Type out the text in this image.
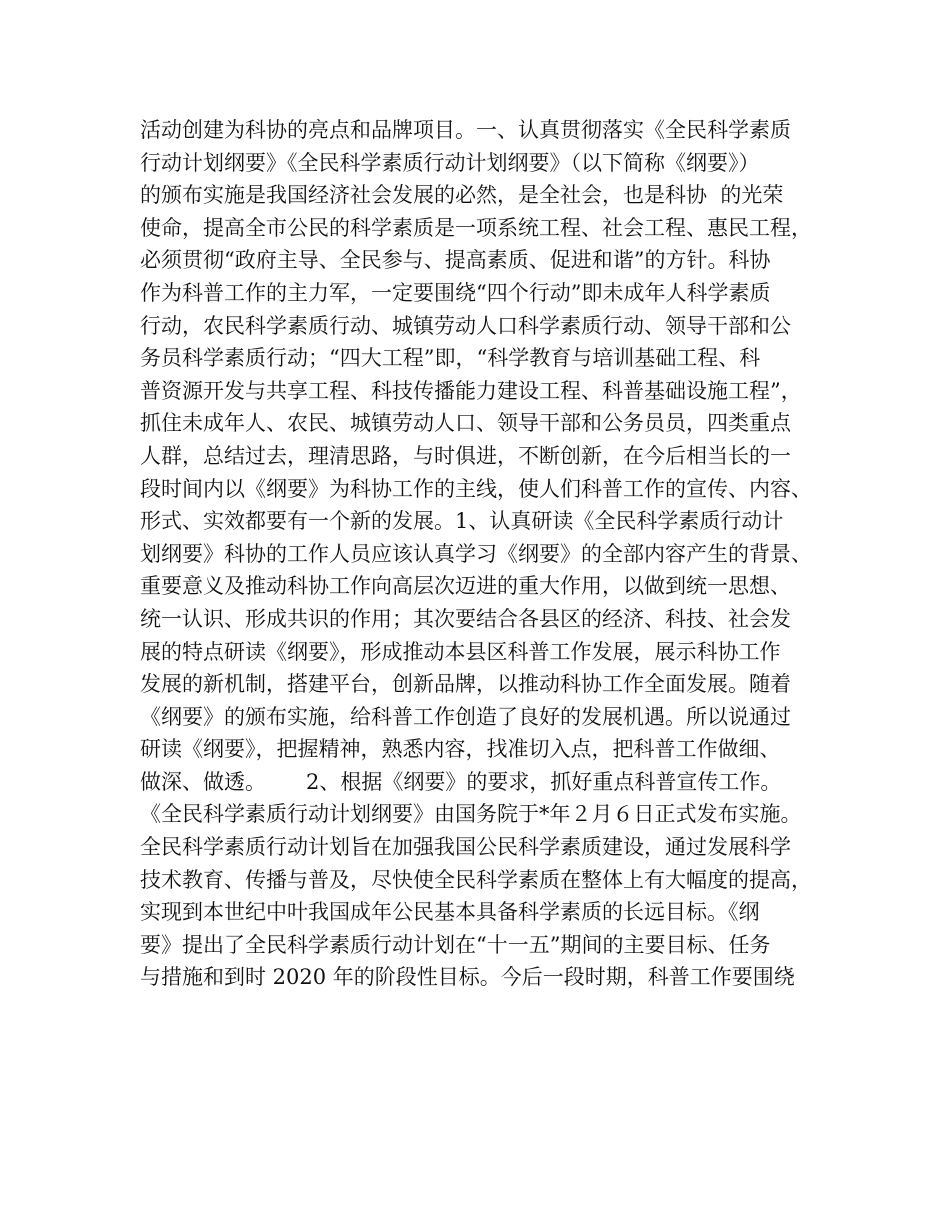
活动创建为科协的亮点和品牌项目。一、认真贯彻落实《全民科学素质
行动计划纲要》《全民科学素质行动计划纲要》（以下简称《纲要》）
的颁布实施是我国经济社会发展的必然，是全社会，也是科协  的光荣
使命，提高全市公民的科学素质是一项系统工程、社会工程、惠民工程，
必须贯彻“政府主导、全民参与、提高素质、促进和谐”的方针。科协
作为科普工作的主力军，一定要围绕“四个行动”即未成年人科学素质
行动，农民科学素质行动、城镇劳动人口科学素质行动、领导干部和公
务员科学素质行动；“四大工程”即，“科学教育与培训基础工程、科
普资源开发与共享工程、科技传播能力建设工程、科普基础设施工程”，
抓住未成年人、农民、城镇劳动人口、领导干部和公务员员，四类重点
人群，总结过去，理清思路，与时俱进，不断创新，在今后相当长的一
段时间内以《纲要》为科协工作的主线，使人们科普工作的宣传、内容、
形式、实效都要有一个新的发展。1、认真研读《全民科学素质行动计
划纲要》科协的工作人员应该认真学习《纲要》的全部内容产生的背景、
重要意义及推动科协工作向高层次迈进的重大作用，以做到统一思想、
统一认识、形成共识的作用；其次要结合各县区的经济、科技、社会发
展的特点研读《纲要》，形成推动本县区科普工作发展，展示科协工作
发展的新机制，搭建平台，创新品牌，以推动科协工作全面发展。随着
《纲要》的颁布实施，给科普工作创造了良好的发展机遇。所以说通过
研读《纲要》，把握精神，熟悉内容，找准切入点，把科普工作做细、
做深、做透。      2、根据《纲要》的要求，抓好重点科普宣传工作。
《全民科学素质行动计划纲要》由国务院于*年２月６日正式发布实施。
全民科学素质行动计划旨在加强我国公民科学素质建设，通过发展科学
技术教育、传播与普及，尽快使全民科学素质在整体上有大幅度的提高，
实现到本世纪中叶我国成年公民基本具备科学素质的长远目标。《纲
要》提出了全民科学素质行动计划在“十一五”期间的主要目标、任务
与措施和到时 2020 年的阶段性目标。今后一段时期，科普工作要围绕
